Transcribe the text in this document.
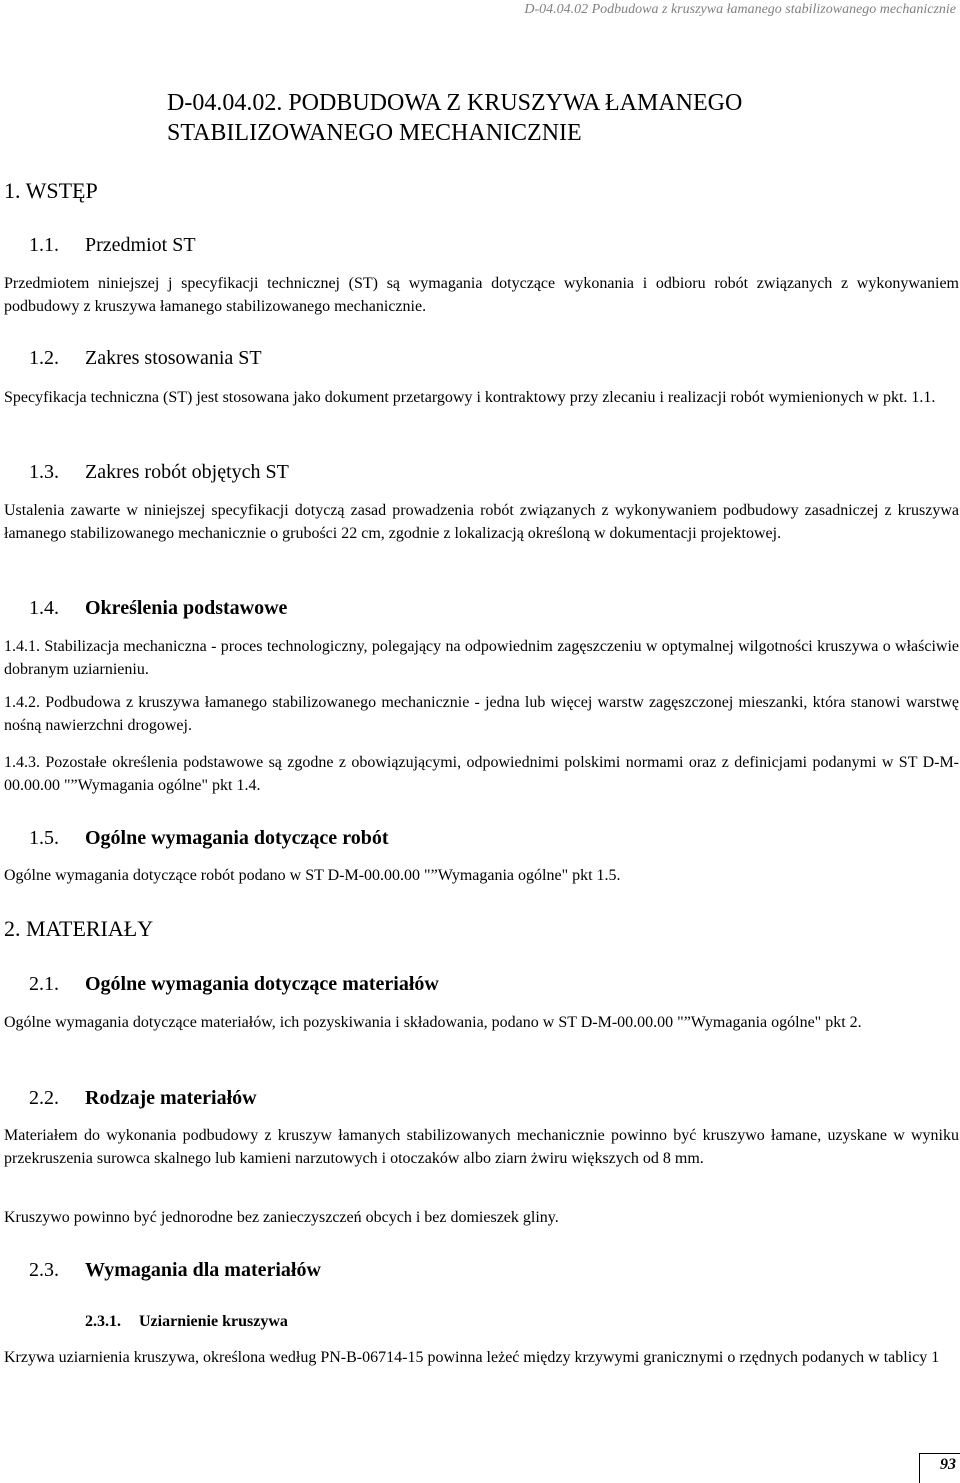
D-04.04.02 Podbudowa z kruszywa łamanego stabilizowanego mechanicznie
D-04.04.02. PODBUDOWA Z KRUSZYWA ŁAMANEGO
STABILIZOWANEGO MECHANICZNIE
1. WSTĘP
1.1. Przedmiot ST

Przedmiotem niniejszej j specyfikacji technicznej (ST) są wymagania dotyczące wykonania i odbioru robót związanych z wykonywaniem podbudowy z kruszywa łamanego stabilizowanego mechanicznie.

1.2. Zakres stosowania ST

Specyfikacja techniczna (ST) jest stosowana jako dokument przetargowy i kontraktowy przy zlecaniu i realizacji robót wymienionych w pkt. 1.1.

1.3. Zakres robót objętych ST

Ustalenia zawarte w niniejszej specyfikacji dotyczą zasad prowadzenia robót związanych z wykonywaniem podbudowy zasadniczej z kruszywa łamanego stabilizowanego mechanicznie o grubości 22 cm, zgodnie z lokalizacją określoną w dokumentacji projektowej.

1.4. Określenia podstawowe

1.4.1. Stabilizacja mechaniczna - proces technologiczny, polegający na odpowiednim zagęszczeniu w optymalnej wilgotności kruszywa o właściwie dobranym uziarnieniu.

1.4.2. Podbudowa z kruszywa łamanego stabilizowanego mechanicznie - jedna lub więcej warstw zagęszczonej mieszanki, która stanowi warstwę nośną nawierzchni drogowej.

1.4.3. Pozostałe określenia podstawowe są zgodne z obowiązującymi, odpowiednimi polskimi normami oraz z definicjami podanymi w ST D-M-00.00.00 "”Wymagania ogólne" pkt 1.4.

1.5. Ogólne wymagania dotyczące robót

Ogólne wymagania dotyczące robót podano w ST D-M-00.00.00 "”Wymagania ogólne" pkt 1.5.

2. MATERIAŁY
2.1. Ogólne wymagania dotyczące materiałów

Ogólne wymagania dotyczące materiałów, ich pozyskiwania i składowania, podano w ST D-M-00.00.00 "”Wymagania ogólne" pkt 2.

2.2. Rodzaje materiałów

Materiałem do wykonania podbudowy z kruszyw łamanych stabilizowanych mechanicznie powinno być kruszywo łamane, uzyskane w wyniku przekruszenia surowca skalnego lub kamieni narzutowych i otoczaków albo ziarn żwiru większych od 8 mm.

Kruszywo powinno być jednorodne bez zanieczyszczeń obcych i bez domieszek gliny.

2.3. Wymagania dla materiałów
2.3.1. Uziarnienie kruszywa

Krzywa uziarnienia kruszywa, określona według PN-B-06714-15 powinna leżeć między krzywymi granicznymi o rzędnych podanych w tablicy 1

93
